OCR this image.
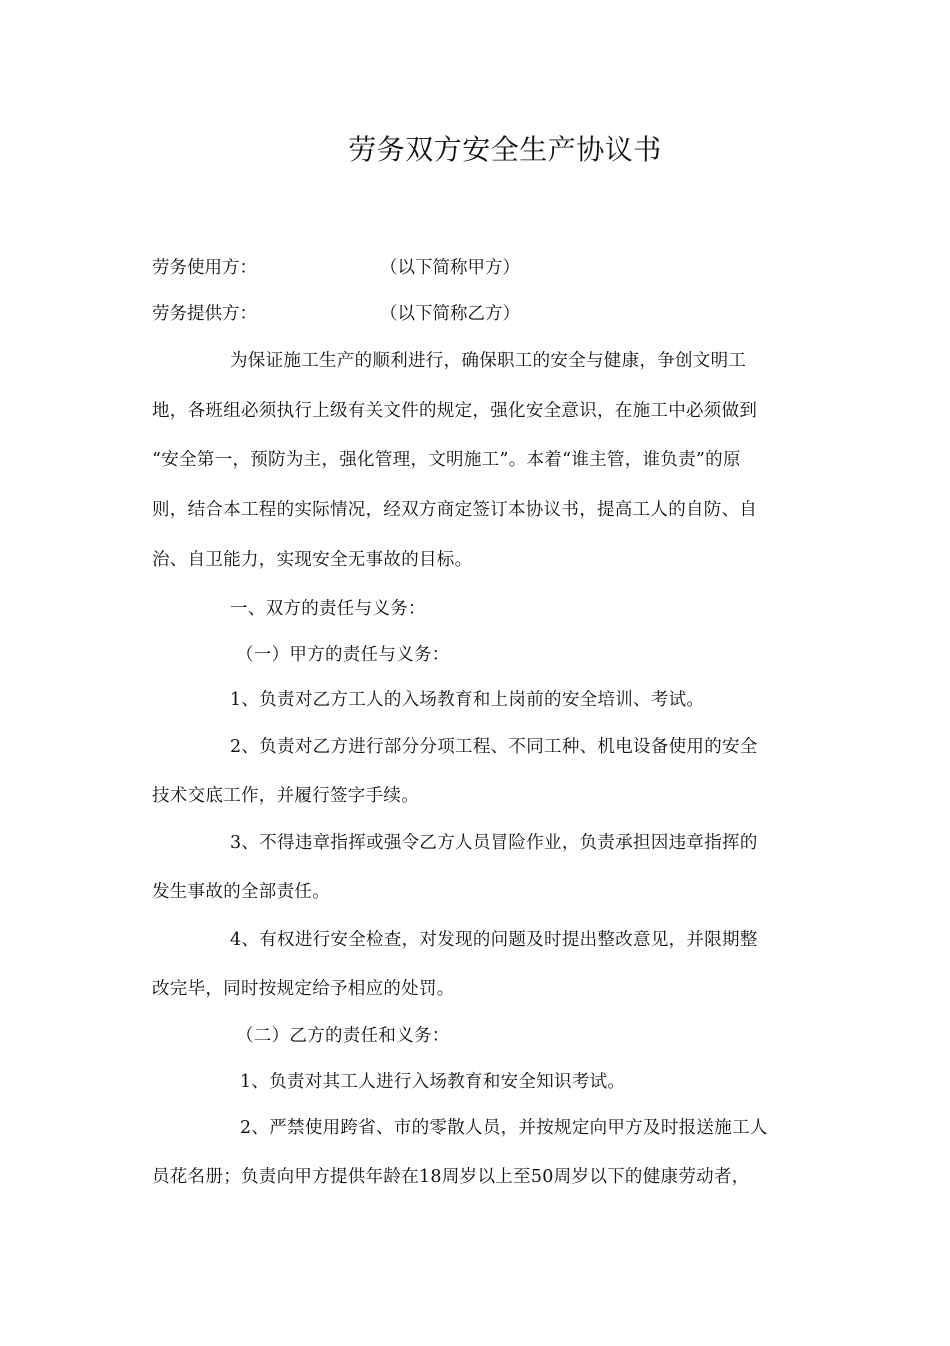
劳务双方安全生产协议书
劳务使用方：	（以下简称甲方）
劳务提供方：	（以下简称乙方）
为保证施工生产的顺利进行，确保职工的安全与健康，争创文明工
地，各班组必须执行上级有关文件的规定，强化安全意识，在施工中必须做到
“安全第一，预防为主，强化管理，文明施工”。本着“谁主管，谁负责”的原
则，结合本工程的实际情况，经双方商定签订本协议书，提高工人的自防、自
治、自卫能力，实现安全无事故的目标。
一、双方的责任与义务：
（一）甲方的责任与义务：
1、负责对乙方工人的入场教育和上岗前的安全培训、考试。
2、负责对乙方进行部分分项工程、不同工种、机电设备使用的安全
技术交底工作，并履行签字手续。
3、不得违章指挥或强令乙方人员冒险作业，负责承担因违章指挥的
发生事故的全部责任。
4、有权进行安全检查，对发现的问题及时提出整改意见，并限期整
改完毕，同时按规定给予相应的处罚。
（二）乙方的责任和义务：
1、负责对其工人进行入场教育和安全知识考试。
2、严禁使用跨省、市的零散人员，并按规定向甲方及时报送施工人
员花名册；负责向甲方提供年龄在18周岁以上至50周岁以下的健康劳动者，
